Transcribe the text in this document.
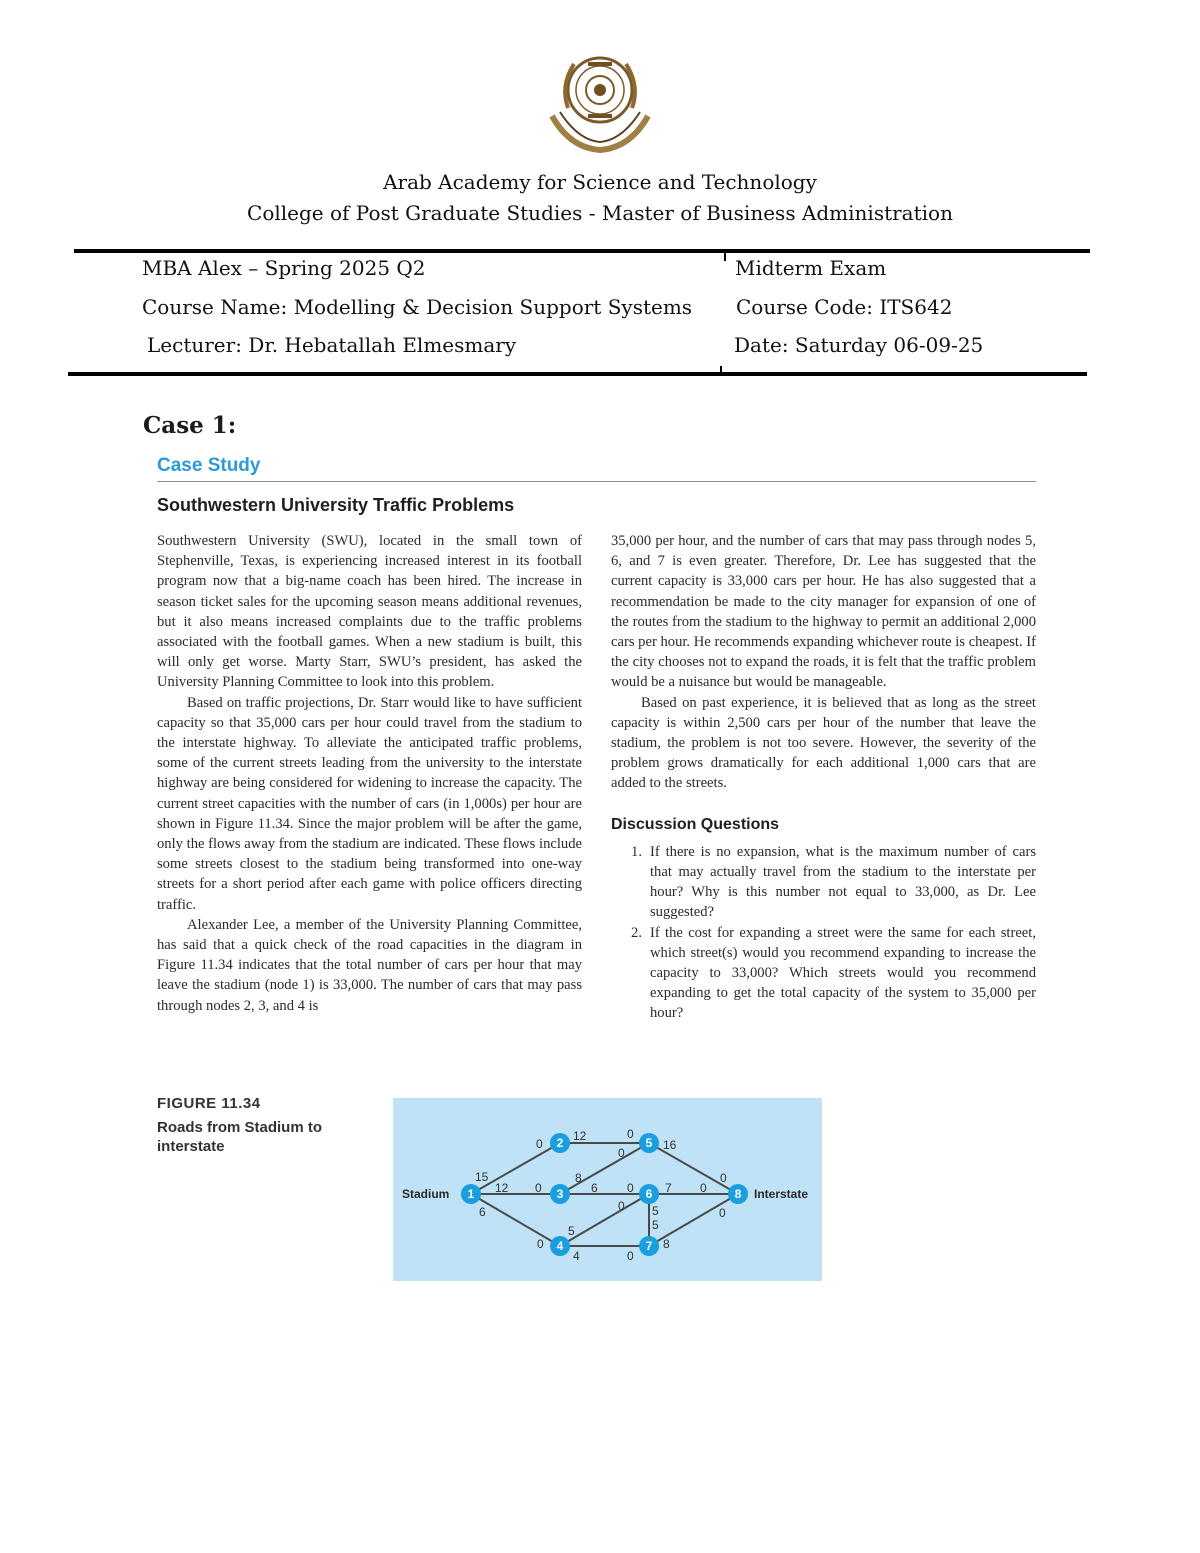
Arab Academy for Science and Technology
College of Post Graduate Studies - Master of Business Administration
MBA Alex – Spring 2025 Q2	Midterm Exam
Course Name: Modelling & Decision Support Systems Course Code: ITS642
Lecturer: Dr. Hebatallah Elmesmary	Date: Saturday 06-09-25
Case 1:
Case Study
Southwestern University Traffic Problems

Southwestern University (SWU), located in the small town of Stephenville, Texas, is experiencing increased interest in its football program now that a big-name coach has been hired. The increase in season ticket sales for the upcoming season means additional revenues, but it also means increased complaints due to the traffic problems associated with the football games. When a new stadium is built, this will only get worse. Marty Starr, SWU’s president, has asked the University Planning Committee to look into this problem.

Based on traffic projections, Dr. Starr would like to have sufficient capacity so that 35,000 cars per hour could travel from the stadium to the interstate highway. To alleviate the anticipated traffic problems, some of the current streets leading from the university to the interstate highway are being considered for widening to increase the capacity. The current street capacities with the number of cars (in 1,000s) per hour are shown in Figure 11.34. Since the major problem will be after the game, only the flows away from the stadium are indicated. These flows include some streets closest to the stadium being transformed into one-way streets for a short period after each game with police officers directing traffic.

Alexander Lee, a member of the University Planning Committee, has said that a quick check of the road capacities in the diagram in Figure 11.34 indicates that the total number of cars per hour that may leave the stadium (node 1) is 33,000. The number of cars that may pass through nodes 2, 3, and 4 is

35,000 per hour, and the number of cars that may pass through nodes 5, 6, and 7 is even greater. Therefore, Dr. Lee has suggested that the current capacity is 33,000 cars per hour. He has also suggested that a recommendation be made to the city manager for expansion of one of the routes from the stadium to the highway to permit an additional 2,000 cars per hour. He recommends expanding whichever route is cheapest. If the city chooses not to expand the roads, it is felt that the traffic problem would be a nuisance but would be manageable.

Based on past experience, it is believed that as long as the street capacity is within 2,500 cars per hour of the number that leave the stadium, the problem is not too severe. However, the severity of the problem grows dramatically for each additional 1,000 cars that are added to the streets.

Discussion Questions

1. If there is no expansion, what is the maximum number of cars that may actually travel from the stadium to the interstate per hour? Why is this number not equal to 33,000, as Dr. Lee suggested?
2. If the cost for expanding a street were the same for each street, which street(s) would you recommend expanding to increase the capacity to 33,000? Which streets would you recommend expanding to get the total capacity of the system to 35,000 per hour?
FIGURE 11.34
Roads from Stadium to interstate
15
0
12 0
6
0
12	0
8
0
6 0
5
0
4	0
5
5
16
0
7 0
8
0
1
2
3
4
5
6
7
8
Stadium	Interstate
